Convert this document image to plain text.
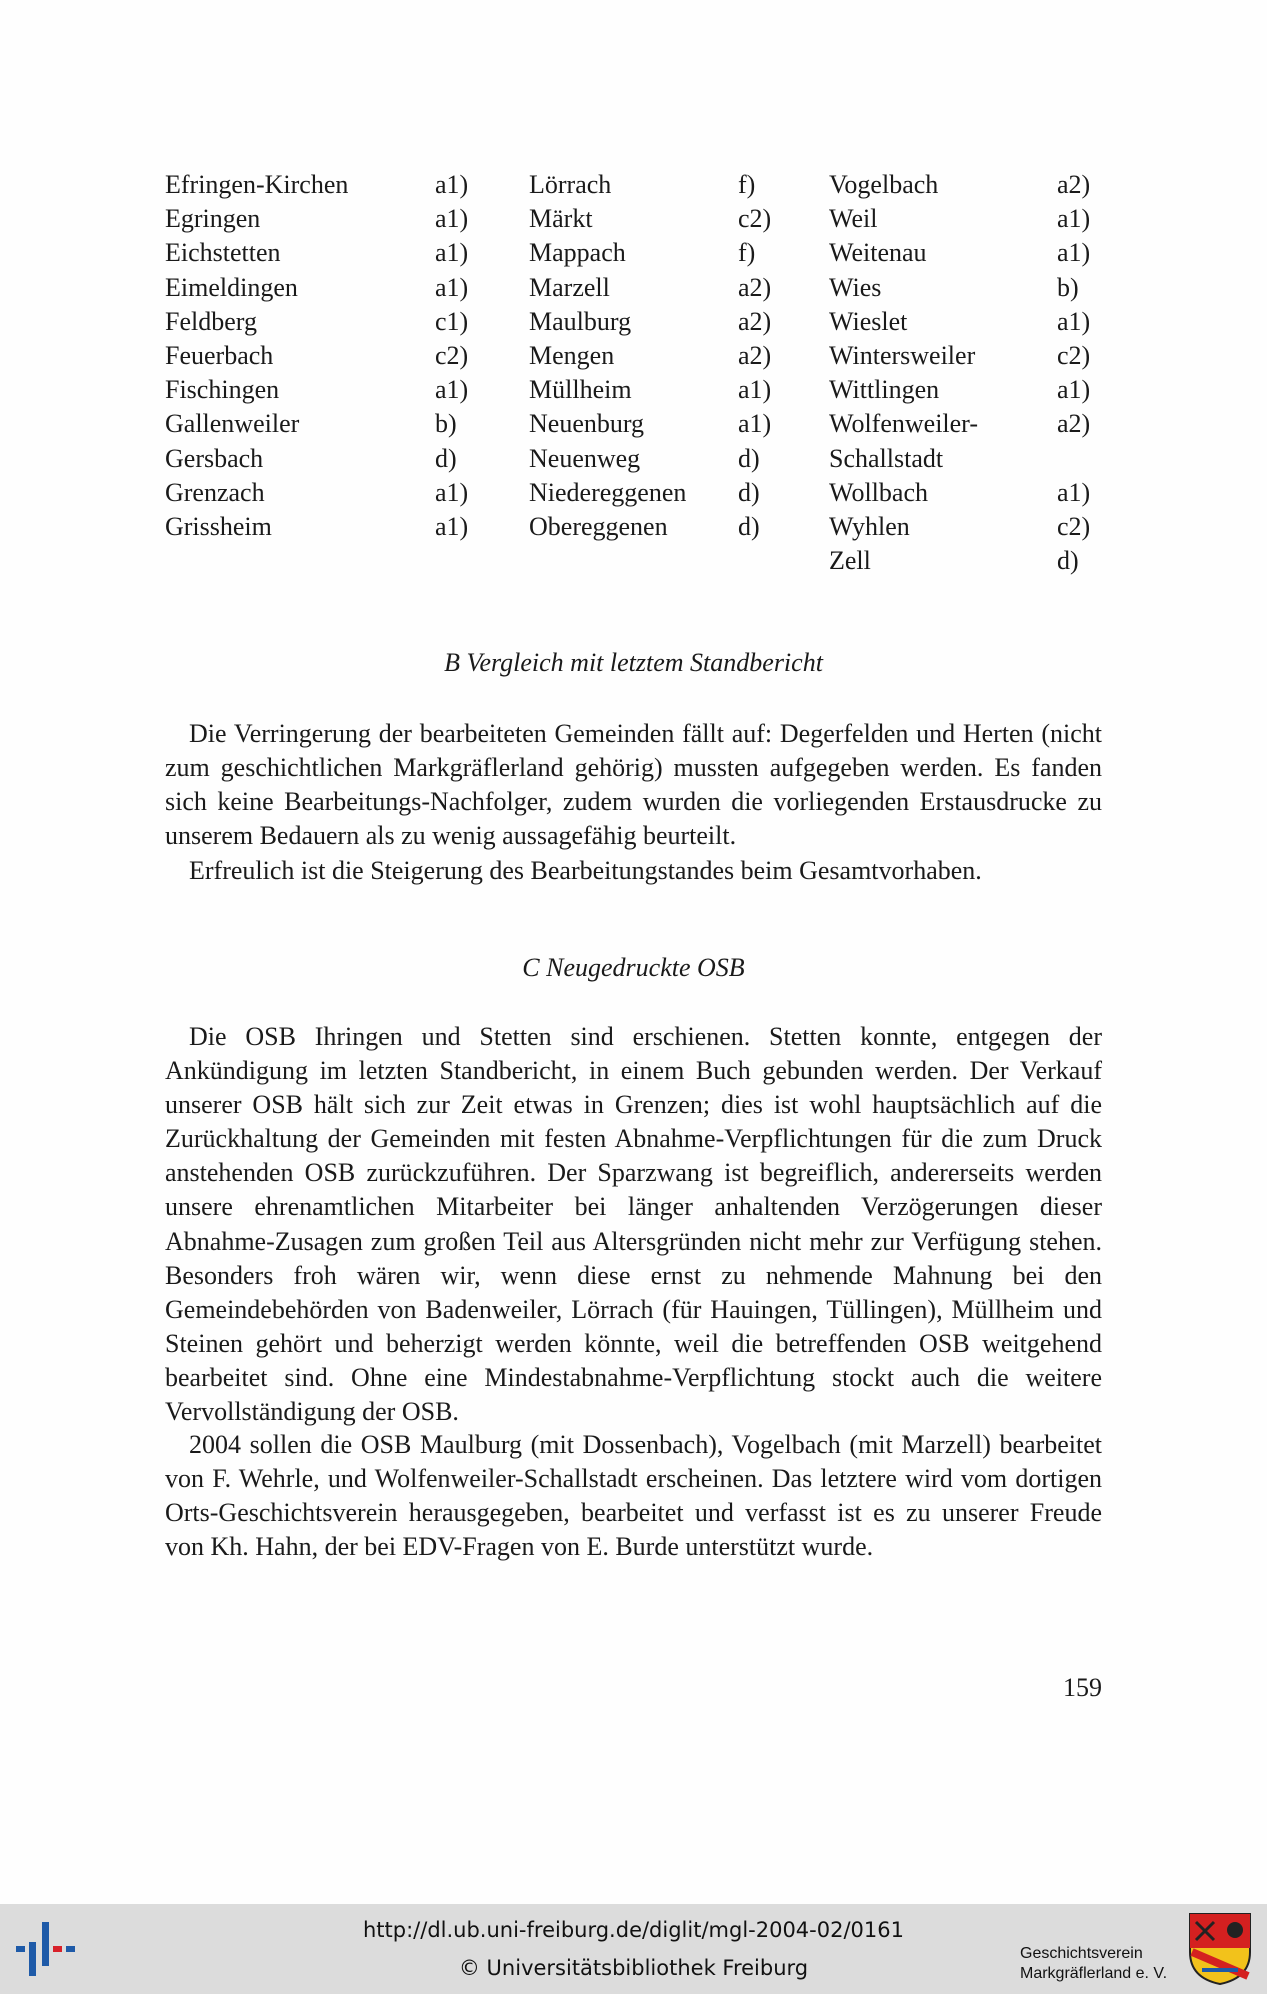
Efringen-Kirchen	a1)
Egringen	a1)
Eichstetten	a1)
Eimeldingen	a1)
Feldberg	c1)
Feuerbach	c2)
Fischingen	a1)
Gallenweiler	b)
Gersbach	d)
Grenzach	a1)
Grissheim	a1)
Lörrach	f)
Märkt	c2)
Mappach	f)
Marzell	a2)
Maulburg	a2)
Mengen	a2)
Müllheim	a1)
Neuenburg	a1)
Neuenweg	d)
Niedereggenen d)
Obereggenen	d)
Vogelbach	a2)
Weil	a1)
Weitenau	a1)
Wies	b)
Wieslet	a1)
Wintersweiler	c2)
Wittlingen	a1)
Wolfenweiler-	a2)
Schallstadt
Wollbach	a1)
Wyhlen	c2)
Zell	d)
B Vergleich mit letztem Standbericht
Die Verringerung der bearbeiteten Gemeinden fällt auf: Degerfelden und Herten (nicht zum geschichtlichen Markgräflerland gehörig) mussten aufgegeben werden. Es fanden sich keine Bearbeitungs-Nachfolger, zudem wurden die vorliegenden Erstausdrucke zu unserem Bedauern als zu wenig aussagefähig beurteilt.
Erfreulich ist die Steigerung des Bearbeitungstandes beim Gesamtvorhaben.
C Neugedruckte OSB
Die OSB Ihringen und Stetten sind erschienen. Stetten konnte, entgegen der Ankündigung im letzten Standbericht, in einem Buch gebunden werden. Der Verkauf unserer OSB hält sich zur Zeit etwas in Grenzen; dies ist wohl hauptsächlich auf die Zurückhaltung der Gemeinden mit festen Abnahme-Verpflichtungen für die zum Druck anstehenden OSB zurückzuführen. Der Sparzwang ist begreiflich, andererseits werden unsere ehrenamtlichen Mitarbeiter bei länger anhaltenden Verzögerungen dieser Abnahme-Zusagen zum großen Teil aus Altersgründen nicht mehr zur Verfügung stehen. Besonders froh wären wir, wenn diese ernst zu nehmende Mahnung bei den Gemeindebehörden von Badenweiler, Lörrach (für Hauingen, Tüllingen), Müllheim und Steinen gehört und beherzigt werden könnte, weil die betreffenden OSB weitgehend bearbeitet sind. Ohne eine Mindestabnahme-Verpflichtung stockt auch die weitere Vervollständigung der OSB.
2004 sollen die OSB Maulburg (mit Dossenbach), Vogelbach (mit Marzell) bearbeitet von F. Wehrle, und Wolfenweiler-Schallstadt erscheinen. Das letztere wird vom dortigen Orts-Geschichtsverein herausgegeben, bearbeitet und verfasst ist es zu unserer Freude von Kh. Hahn, der bei EDV-Fragen von E. Burde unterstützt wurde.
159
http://dl.ub.uni-freiburg.de/diglit/mgl-2004-02/0161
© Universitätsbibliothek Freiburg
Geschichtsverein
Markgräflerland e. V.
